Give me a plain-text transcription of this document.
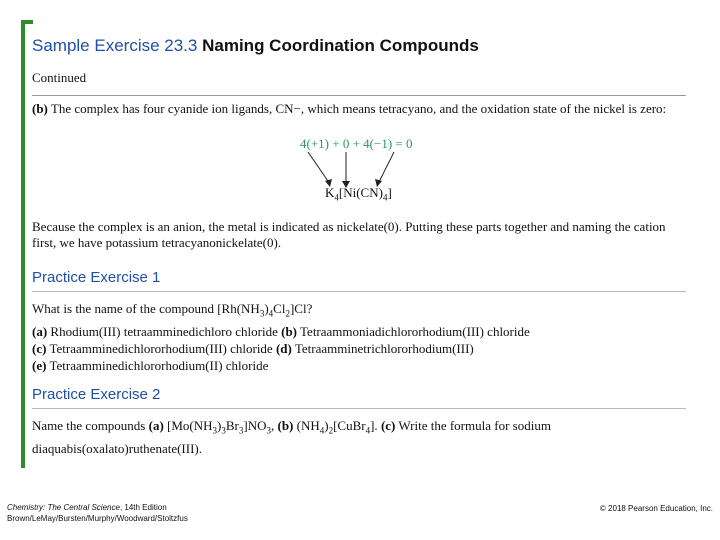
Sample Exercise 23.3 Naming Coordination Compounds
Continued
(b) The complex has four cyanide ion ligands, CN−, which means tetracyano, and the oxidation state of the nickel is zero:
4(+1) + 0 + 4(−1) = 0
$K_4[Ni(CN)_4]$
Because the complex is an anion, the metal is indicated as nickelate(0). Putting these parts together and naming the cation first, we have potassium tetracyanonickelate(0).
Practice Exercise 1
What is the name of the compound $[Rh(NH_3)_4Cl_2]Cl$?
(a) Rhodium(III) tetraamminedichloro chloride (b) Tetraammoniadichlororhodium(III) chloride
(c) Tetraamminedichlororhodium(III) chloride (d) Tetraamminetrichlororhodium(III)
(e) Tetraamminedichlororhodium(II) chloride
Practice Exercise 2
Name the compounds (a) $[Mo(NH_3)_3Br_3]NO_3$, (b) $(NH_4)_2[CuBr_4]$. (c) Write the formula for sodium diaquabis(oxalato)ruthenate(III).
Chemistry: The Central Science, 14th Edition
Brown/LeMay/Bursten/Murphy/Woodward/Stoltzfus
© 2018 Pearson Education, Inc.
